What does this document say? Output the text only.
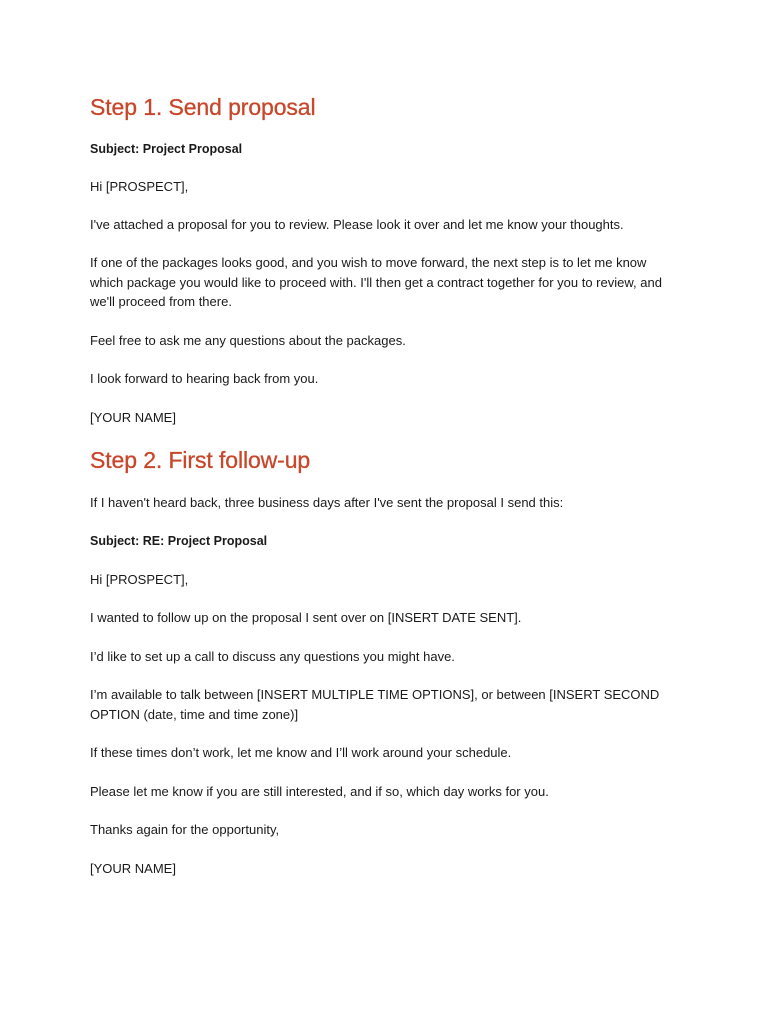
Step 1. Send proposal

Subject: Project Proposal

Hi [PROSPECT],

I've attached a proposal for you to review. Please look it over and let me know your thoughts.

If one of the packages looks good, and you wish to move forward, the next step is to let me know which package you would like to proceed with. I'll then get a contract together for you to review, and we'll proceed from there.

Feel free to ask me any questions about the packages.

I look forward to hearing back from you.

[YOUR NAME]

Step 2. First follow-up

If I haven't heard back, three business days after I've sent the proposal I send this:

Subject: RE: Project Proposal

Hi [PROSPECT],

I wanted to follow up on the proposal I sent over on [INSERT DATE SENT].

I’d like to set up a call to discuss any questions you might have.

I’m available to talk between [INSERT MULTIPLE TIME OPTIONS], or between [INSERT SECOND OPTION (date, time and time zone)]

If these times don’t work, let me know and I’ll work around your schedule.

Please let me know if you are still interested, and if so, which day works for you.

Thanks again for the opportunity,

[YOUR NAME]
